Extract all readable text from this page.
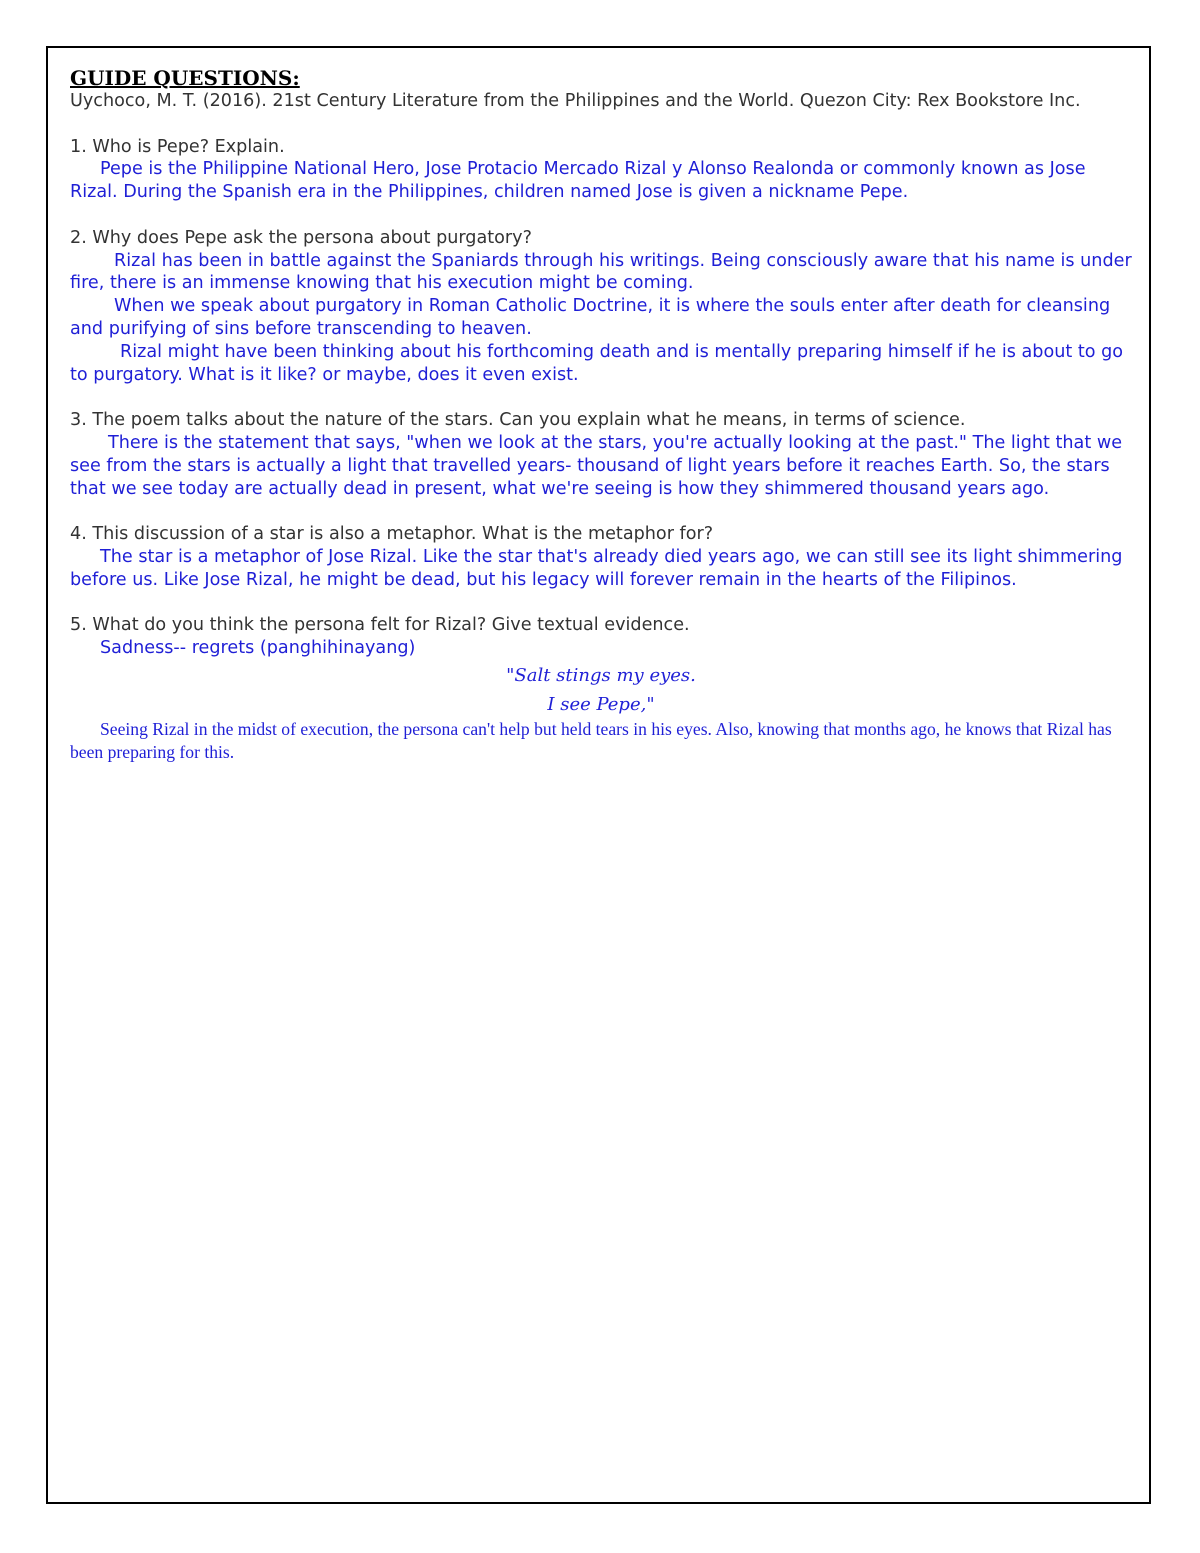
GUIDE QUESTIONS:

Uychoco, M. T. (2016). 21st Century Literature from the Philippines and the World. Quezon City: Rex Bookstore Inc.

1. Who is Pepe? Explain.

Pepe is the Philippine National Hero, Jose Protacio Mercado Rizal y Alonso Realonda or commonly known as Jose Rizal. During the Spanish era in the Philippines, children named Jose is given a nickname Pepe.

2. Why does Pepe ask the persona about purgatory?

Rizal has been in battle against the Spaniards through his writings. Being consciously aware that his name is under fire, there is an immense knowing that his execution might be coming.

When we speak about purgatory in Roman Catholic Doctrine, it is where the souls enter after death for cleansing and purifying of sins before transcending to heaven.

Rizal might have been thinking about his forthcoming death and is mentally preparing himself if he is about to go to purgatory. What is it like? or maybe, does it even exist.

3. The poem talks about the nature of the stars. Can you explain what he means, in terms of science.

There is the statement that says, "when we look at the stars, you're actually looking at the past." The light that we see from the stars is actually a light that travelled years- thousand of light years before it reaches Earth. So, the stars that we see today are actually dead in present, what we're seeing is how they shimmered thousand years ago.

4. This discussion of a star is also a metaphor. What is the metaphor for?

The star is a metaphor of Jose Rizal. Like the star that's already died years ago, we can still see its light shimmering before us. Like Jose Rizal, he might be dead, but his legacy will forever remain in the hearts of the Filipinos.

5. What do you think the persona felt for Rizal? Give textual evidence.

Sadness-- regrets (panghihinayang)

"Salt stings my eyes.

I see Pepe,"

Seeing Rizal in the midst of execution, the persona can't help but held tears in his eyes. Also, knowing that months ago, he knows that Rizal has been preparing for this.
